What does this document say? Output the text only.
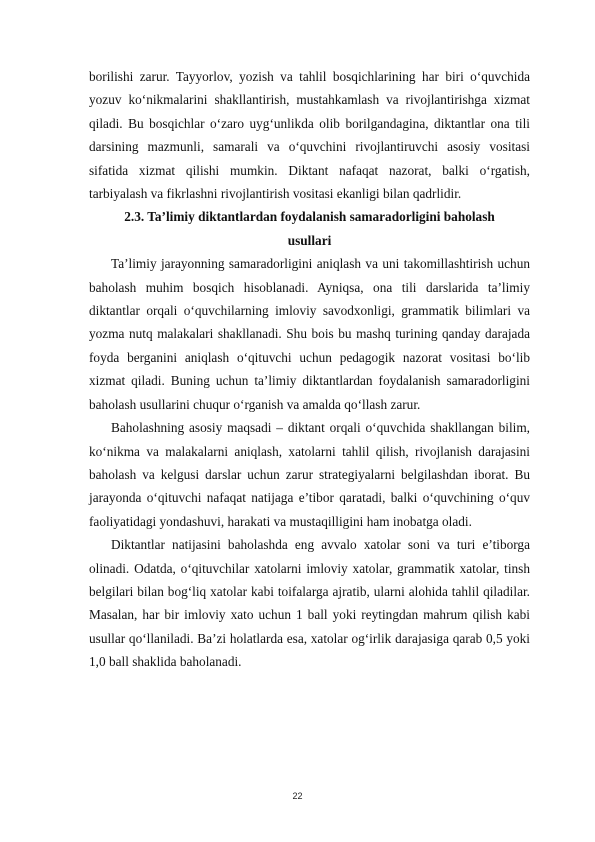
borilishi zarur. Tayyorlov, yozish va tahlil bosqichlarining har biri o‘quvchida yozuv ko‘nikmalarini shakllantirish, mustahkamlash va rivojlantirishga xizmat qiladi. Bu bosqichlar o‘zaro uyg‘unlikda olib borilgandagina, diktantlar ona tili darsining mazmunli, samarali va o‘quvchini rivojlantiruvchi asosiy vositasi sifatida xizmat qilishi mumkin. Diktant nafaqat nazorat, balki o‘rgatish, tarbiyalash va fikrlashni rivojlantirish vositasi ekanligi bilan qadrlidir.

2.3. Ta’limiy diktantlardan foydalanish samaradorligini baholash usullari

Ta’limiy jarayonning samaradorligini aniqlash va uni takomillashtirish uchun baholash muhim bosqich hisoblanadi. Ayniqsa, ona tili darslarida ta’limiy diktantlar orqali o‘quvchilarning imloviy savodxonligi, grammatik bilimlari va yozma nutq malakalari shakllanadi. Shu bois bu mashq turining qanday darajada foyda berganini aniqlash o‘qituvchi uchun pedagogik nazorat vositasi bo‘lib xizmat qiladi. Buning uchun ta’limiy diktantlardan foydalanish samaradorligini baholash usullarini chuqur o‘rganish va amalda qo‘llash zarur.

Baholashning asosiy maqsadi – diktant orqali o‘quvchida shakllangan bilim, ko‘nikma va malakalarni aniqlash, xatolarni tahlil qilish, rivojlanish darajasini baholash va kelgusi darslar uchun zarur strategiyalarni belgilashdan iborat. Bu jarayonda o‘qituvchi nafaqat natijaga e’tibor qaratadi, balki o‘quvchining o‘quv faoliyatidagi yondashuvi, harakati va mustaqilligini ham inobatga oladi.

Diktantlar natijasini baholashda eng avvalo xatolar soni va turi e’tiborga olinadi. Odatda, o‘qituvchilar xatolarni imloviy xatolar, grammatik xatolar, tinsh belgilari bilan bog‘liq xatolar kabi toifalarga ajratib, ularni alohida tahlil qiladilar. Masalan, har bir imloviy xato uchun 1 ball yoki reytingdan mahrum qilish kabi usullar qo‘llaniladi. Ba’zi holatlarda esa, xatolar og‘irlik darajasiga qarab 0,5 yoki 1,0 ball shaklida baholanadi.

22
